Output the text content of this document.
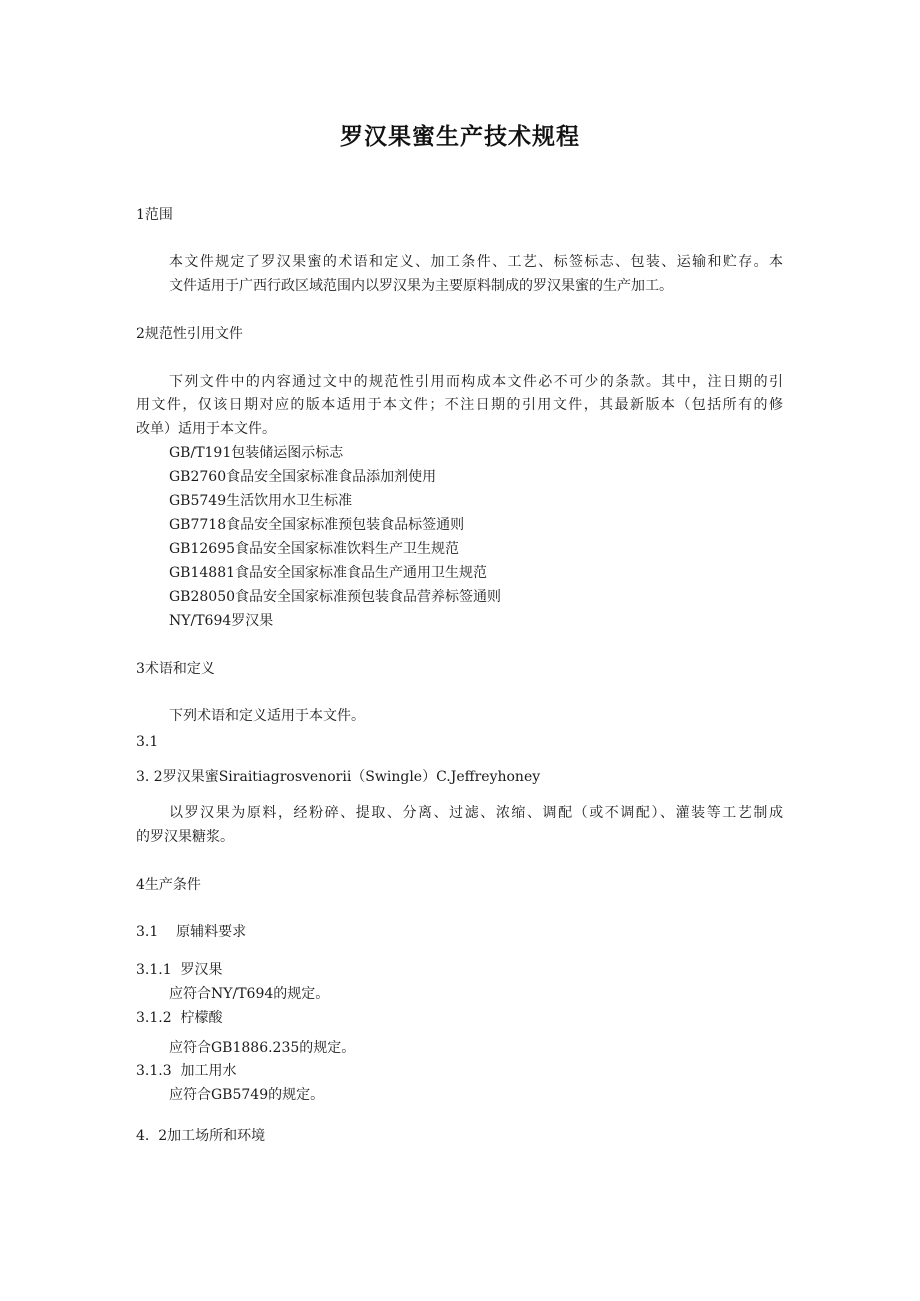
罗汉果蜜生产技术规程

1范围

本文件规定了罗汉果蜜的术语和定义、加工条件、工艺、标签标志、包装、运输和贮存。本

文件适用于广西行政区域范围内以罗汉果为主要原料制成的罗汉果蜜的生产加工。

2规范性引用文件

下列文件中的内容通过文中的规范性引用而构成本文件必不可少的条款。其中，注日期的引

用文件，仅该日期对应的版本适用于本文件；不注日期的引用文件，其最新版本（包括所有的修

改单）适用于本文件。

GB/T191包装储运图示标志

GB2760食品安全国家标准食品添加剂使用

GB5749生活饮用水卫生标准

GB7718食品安全国家标准预包装食品标签通则

GB12695食品安全国家标准饮料生产卫生规范

GB14881食品安全国家标准食品生产通用卫生规范

GB28050食品安全国家标准预包装食品营养标签通则

NY/T694罗汉果

3术语和定义

下列术语和定义适用于本文件。

3.1

3. 2罗汉果蜜Siraitiagrosvenorii（Swingle）C.Jeffreyhoney

以罗汉果为原料，经粉碎、提取、分离、过滤、浓缩、调配（或不调配）、灌装等工艺制成

的罗汉果糖浆。

4生产条件

3.1    原辅料要求

3.1.1  罗汉果

应符合NY/T694的规定。

3.1.2  柠檬酸

应符合GB1886.235的规定。

3.1.3  加工用水

应符合GB5749的规定。

4.  2加工场所和环境
